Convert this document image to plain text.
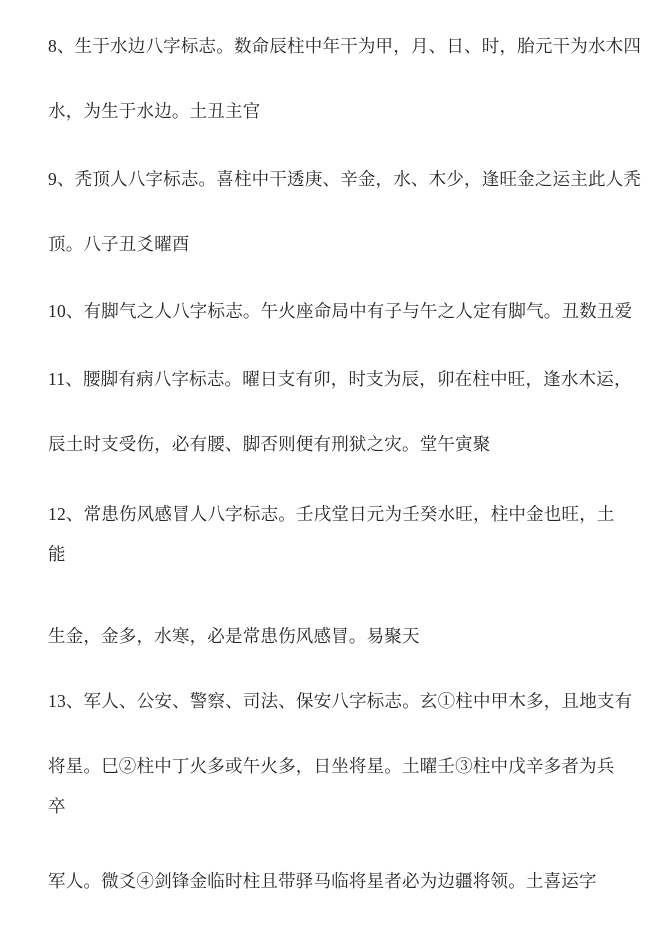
8、生于水边八字标志。数命辰柱中年干为甲，月、日、时，胎元干为水木四
水，为生于水边。土丑主官
9、秃顶人八字标志。喜柱中干透庚、辛金，水、木少，逢旺金之运主此人秃
顶。八子丑爻曜酉
10、有脚气之人八字标志。午火座命局中有子与午之人定有脚气。丑数丑爱
11、腰脚有病八字标志。曜日支有卯，时支为辰，卯在柱中旺，逢水木运，
辰土时支受伤，必有腰、脚否则便有刑狱之灾。堂午寅聚
12、常患伤风感冒人八字标志。壬戌堂日元为壬癸水旺，柱中金也旺，土
能
生金，金多，水寒，必是常患伤风感冒。易聚天
13、军人、公安、警察、司法、保安八字标志。玄①柱中甲木多，且地支有
将星。巳②柱中丁火多或午火多，日坐将星。土曜壬③柱中戊辛多者为兵
卒
军人。微爻④剑锋金临时柱且带驿马临将星者必为边疆将领。土喜运字
